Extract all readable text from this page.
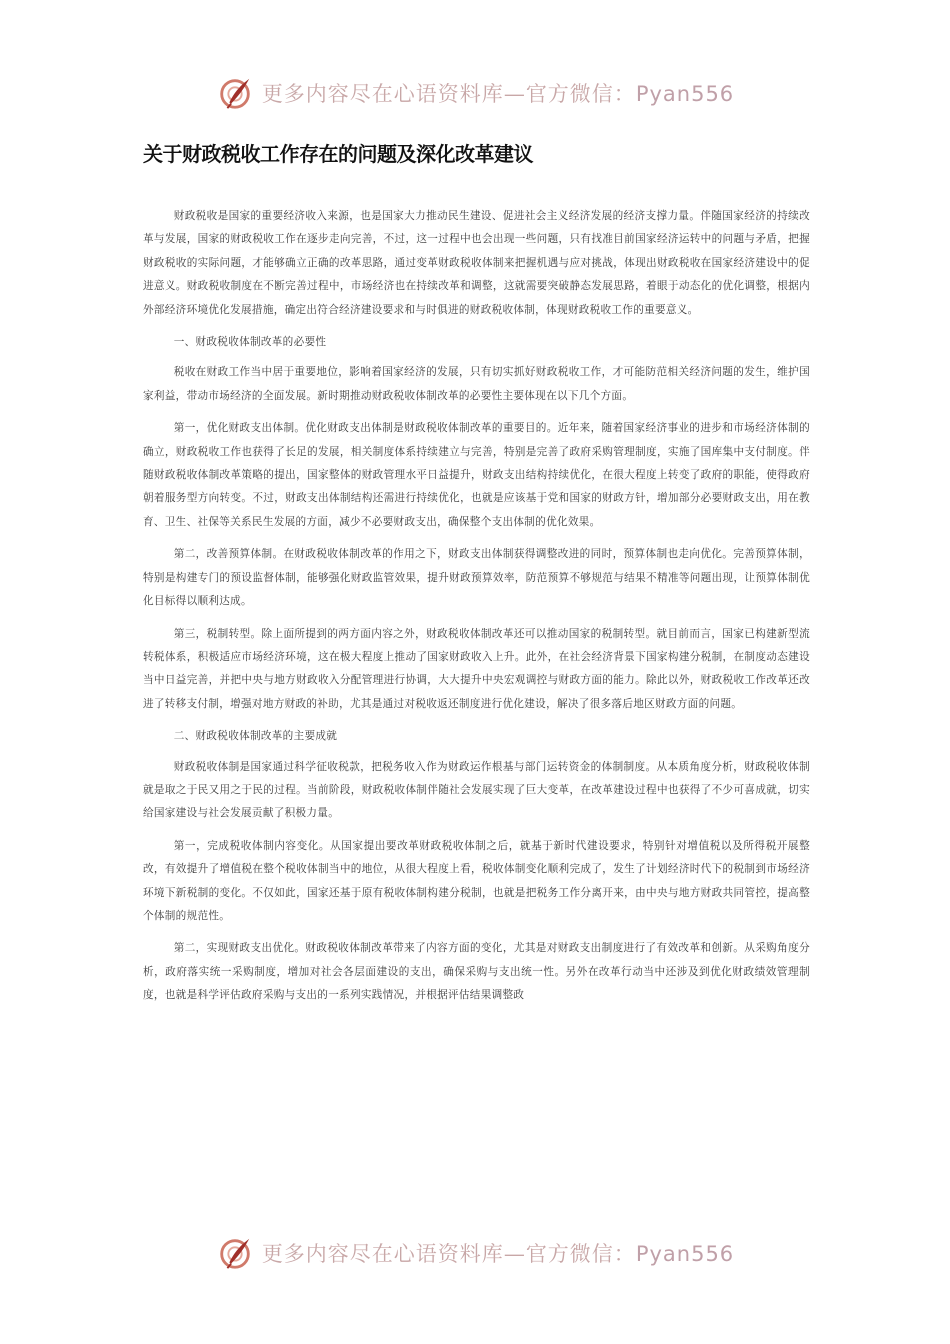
更多内容尽在心语资料库—官方微信：Pyan556
关于财政税收工作存在的问题及深化改革建议

财政税收是国家的重要经济收入来源，也是国家大力推动民生建设、促进社会主义经济发展的经济支撑力量。伴随国家经济的持续改革与发展，国家的财政税收工作在逐步走向完善，不过，这一过程中也会出现一些问题，只有找准目前国家经济运转中的问题与矛盾，把握财政税收的实际问题，才能够确立正确的改革思路，通过变革财政税收体制来把握机遇与应对挑战，体现出财政税收在国家经济建设中的促进意义。财政税收制度在不断完善过程中，市场经济也在持续改革和调整，这就需要突破静态发展思路，着眼于动态化的优化调整，根据内外部经济环境优化发展措施，确定出符合经济建设要求和与时俱进的财政税收体制，体现财政税收工作的重要意义。

一、财政税收体制改革的必要性

税收在财政工作当中居于重要地位，影响着国家经济的发展，只有切实抓好财政税收工作，才可能防范相关经济问题的发生，维护国家利益，带动市场经济的全面发展。新时期推动财政税收体制改革的必要性主要体现在以下几个方面。

第一，优化财政支出体制。优化财政支出体制是财政税收体制改革的重要目的。近年来，随着国家经济事业的进步和市场经济体制的确立，财政税收工作也获得了长足的发展，相关制度体系持续建立与完善，特别是完善了政府采购管理制度，实施了国库集中支付制度。伴随财政税收体制改革策略的提出，国家整体的财政管理水平日益提升，财政支出结构持续优化，在很大程度上转变了政府的职能，使得政府朝着服务型方向转变。不过，财政支出体制结构还需进行持续优化，也就是应该基于党和国家的财政方针，增加部分必要财政支出，用在教育、卫生、社保等关系民生发展的方面，减少不必要财政支出，确保整个支出体制的优化效果。

第二，改善预算体制。在财政税收体制改革的作用之下，财政支出体制获得调整改进的同时，预算体制也走向优化。完善预算体制，特别是构建专门的预设监督体制，能够强化财政监管效果，提升财政预算效率，防范预算不够规范与结果不精准等问题出现，让预算体制优化目标得以顺利达成。

第三，税制转型。除上面所提到的两方面内容之外，财政税收体制改革还可以推动国家的税制转型。就目前而言，国家已构建新型流转税体系，积极适应市场经济环境，这在极大程度上推动了国家财政收入上升。此外，在社会经济背景下国家构建分税制，在制度动态建设当中日益完善，并把中央与地方财政收入分配管理进行协调，大大提升中央宏观调控与财政方面的能力。除此以外，财政税收工作改革还改进了转移支付制，增强对地方财政的补助，尤其是通过对税收返还制度进行优化建设，解决了很多落后地区财政方面的问题。

二、财政税收体制改革的主要成就

财政税收体制是国家通过科学征收税款，把税务收入作为财政运作根基与部门运转资金的体制制度。从本质角度分析，财政税收体制就是取之于民又用之于民的过程。当前阶段，财政税收体制伴随社会发展实现了巨大变革，在改革建设过程中也获得了不少可喜成就，切实给国家建设与社会发展贡献了积极力量。

第一，完成税收体制内容变化。从国家提出要改革财政税收体制之后，就基于新时代建设要求，特别针对增值税以及所得税开展整改，有效提升了增值税在整个税收体制当中的地位，从很大程度上看，税收体制变化顺利完成了，发生了计划经济时代下的税制到市场经济环境下新税制的变化。不仅如此，国家还基于原有税收体制构建分税制，也就是把税务工作分离开来，由中央与地方财政共同管控，提高整个体制的规范性。

第二，实现财政支出优化。财政税收体制改革带来了内容方面的变化，尤其是对财政支出制度进行了有效改革和创新。从采购角度分析，政府落实统一采购制度，增加对社会各层面建设的支出，确保采购与支出统一性。另外在改革行动当中还涉及到优化财政绩效管理制度，也就是科学评估政府采购与支出的一系列实践情况，并根据评估结果调整政

更多内容尽在心语资料库—官方微信：Pyan556
